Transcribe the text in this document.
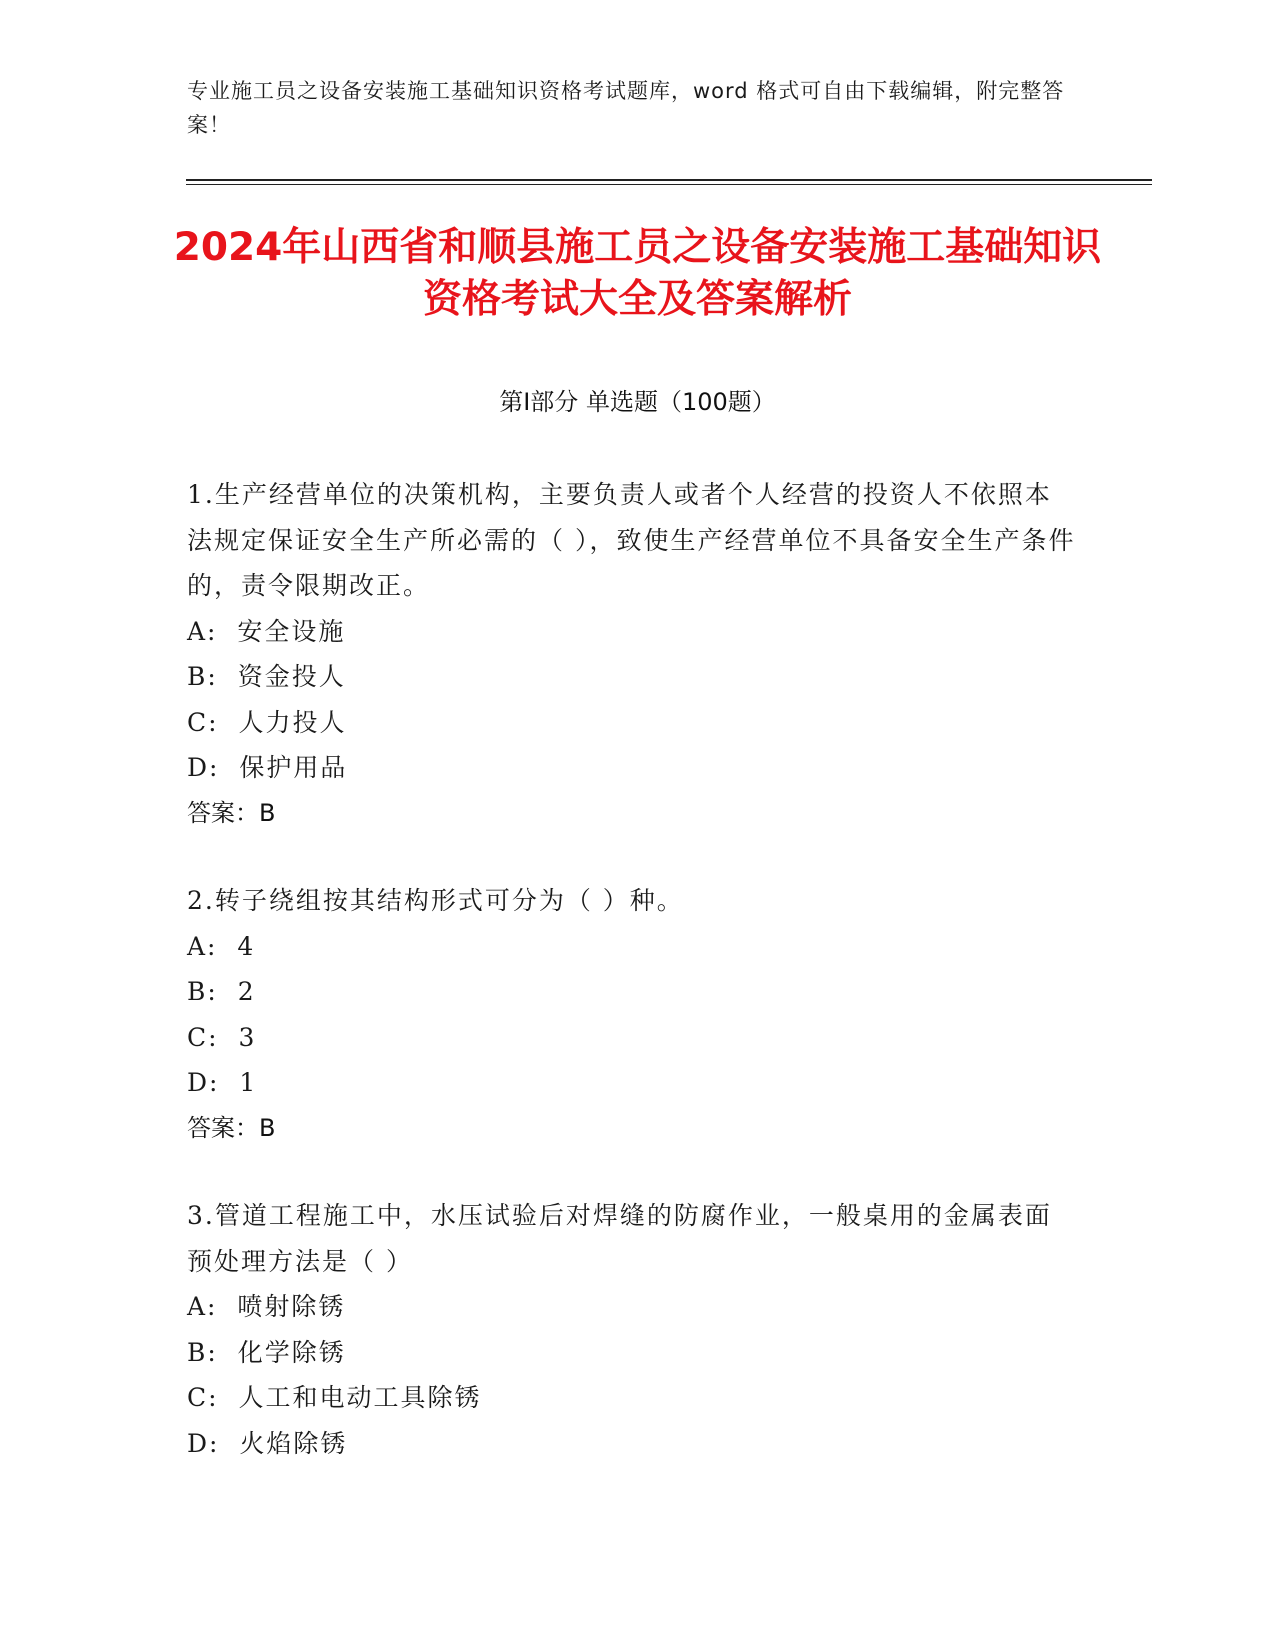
专业施工员之设备安装施工基础知识资格考试题库，word 格式可自由下载编辑，附完整答案！
2024年山西省和顺县施工员之设备安装施工基础知识资格考试大全及答案解析
第Ⅰ部分 单选题（100题）
1.生产经营单位的决策机构，主要负责人或者个人经营的投资人不依照本法规定保证安全生产所必需的（ ），致使生产经营单位不具备安全生产条件的，责令限期改正。
A:  安全设施
B:  资金投人
C:  人力投人
D:  保护用品
答案：B
2.转子绕组按其结构形式可分为（ ）种。
A:  4
B:  2
C:  3
D:  1
答案：B
3.管道工程施工中，水压试验后对焊缝的防腐作业，一般桌用的金属表面预处理方法是（ ）
A:  喷射除锈
B:  化学除锈
C:  人工和电动工具除锈
D:  火焰除锈
